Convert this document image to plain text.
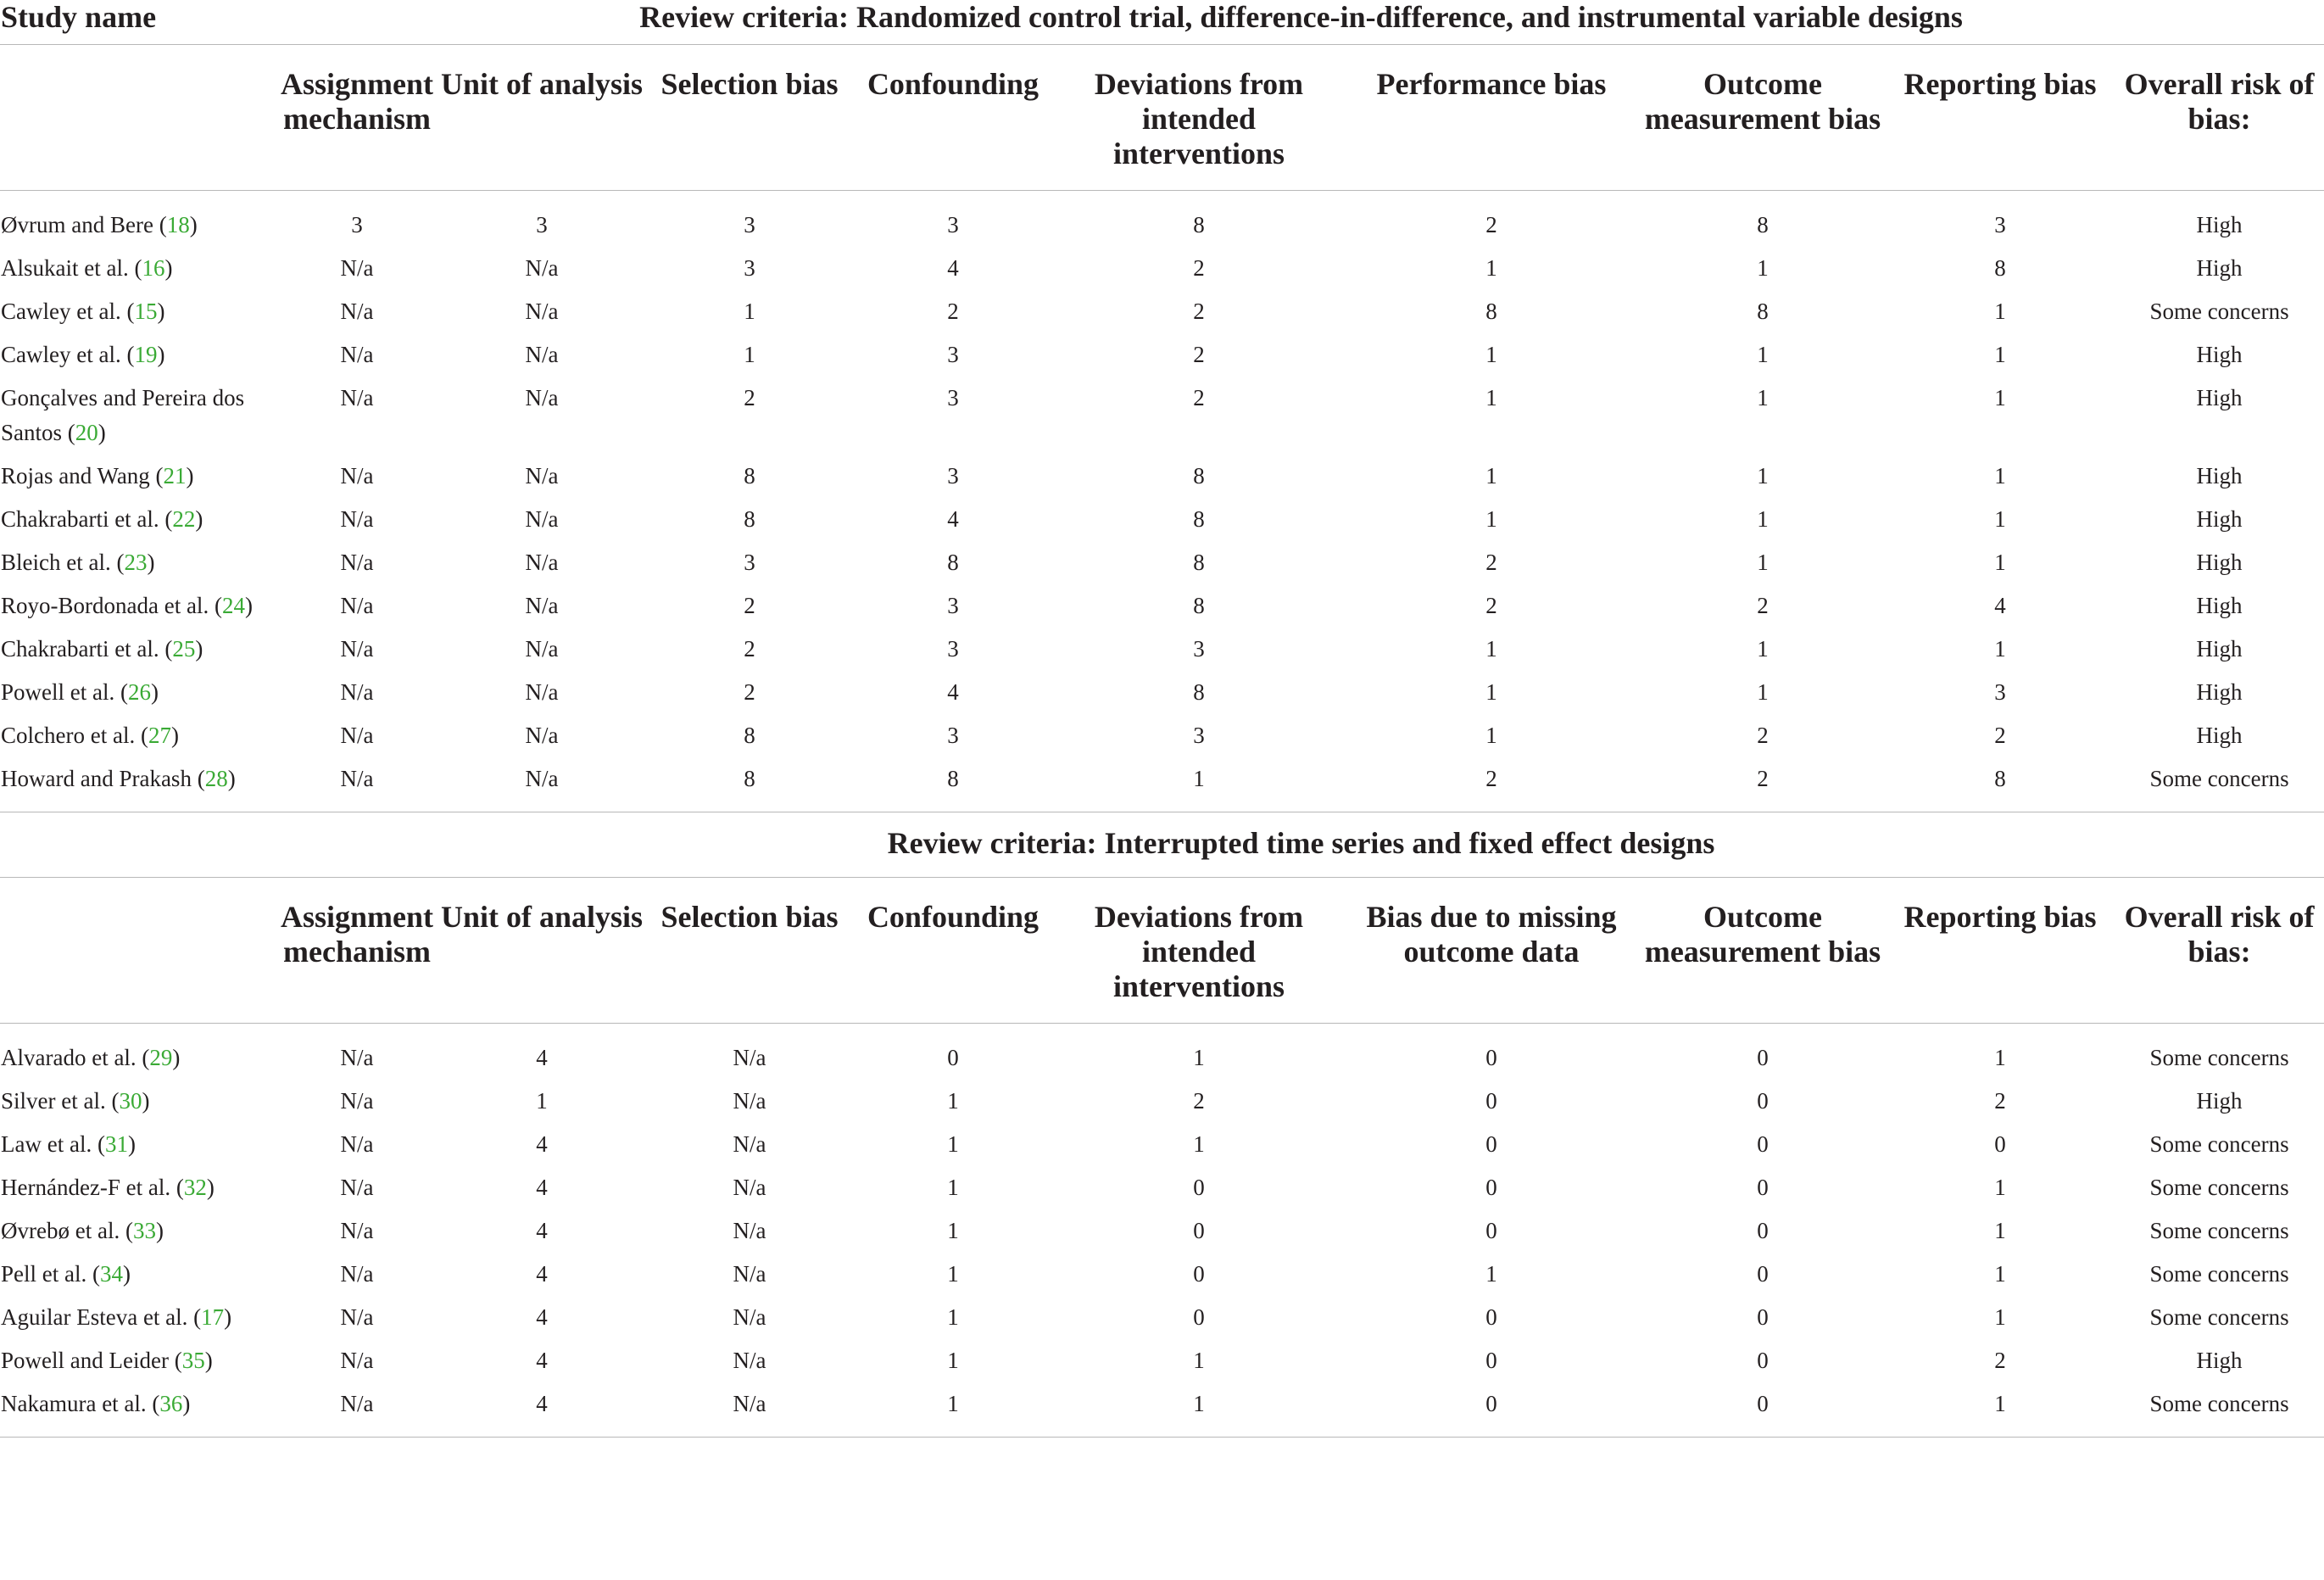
Study name	Review criteria: Randomized control trial, difference-in-difference, and instrumental variable designs								
	Assignment mechanism	Unit of analysis	Selection bias	Confounding	Deviations from intended interventions	Performance bias	Outcome measurement bias	Reporting bias	Overall risk of bias:
Øvrum and Bere (18)	3	3	3	3	8	2	8	3	High
Alsukait et al. (16)	N/a	N/a	3	4	2	1	1	8	High
Cawley et al. (15)	N/a	N/a	1	2	2	8	8	1	Some concerns
Cawley et al. (19)	N/a	N/a	1	3	2	1	1	1	High
Gonçalves and Pereira dos Santos (20)	N/a	N/a	2	3	2	1	1	1	High
Rojas and Wang (21)	N/a	N/a	8	3	8	1	1	1	High
Chakrabarti et al. (22)	N/a	N/a	8	4	8	1	1	1	High
Bleich et al. (23)	N/a	N/a	3	8	8	2	1	1	High
Royo-Bordonada et al. (24)	N/a	N/a	2	3	8	2	2	4	High
Chakrabarti et al. (25)	N/a	N/a	2	3	3	1	1	1	High
Powell et al. (26)	N/a	N/a	2	4	8	1	1	3	High
Colchero et al. (27)	N/a	N/a	8	3	3	1	2	2	High
Howard and Prakash (28)	N/a	N/a	8	8	1	2	2	8	Some concerns
	Review criteria: Interrupted time series and fixed effect designs								
	Assignment mechanism	Unit of analysis	Selection bias	Confounding	Deviations from intended interventions	Bias due to missing outcome data	Outcome measurement bias	Reporting bias	Overall risk of bias:
Alvarado et al. (29)	N/a	4	N/a	0	1	0	0	1	Some concerns
Silver et al. (30)	N/a	1	N/a	1	2	0	0	2	High
Law et al. (31)	N/a	4	N/a	1	1	0	0	0	Some concerns
Hernández-F et al. (32)	N/a	4	N/a	1	0	0	0	1	Some concerns
Øvrebø et al. (33)	N/a	4	N/a	1	0	0	0	1	Some concerns
Pell et al. (34)	N/a	4	N/a	1	0	1	0	1	Some concerns
Aguilar Esteva et al. (17)	N/a	4	N/a	1	0	0	0	1	Some concerns
Powell and Leider (35)	N/a	4	N/a	1	1	0	0	2	High
Nakamura et al. (36)	N/a	4	N/a	1	1	0	0	1	Some concerns
